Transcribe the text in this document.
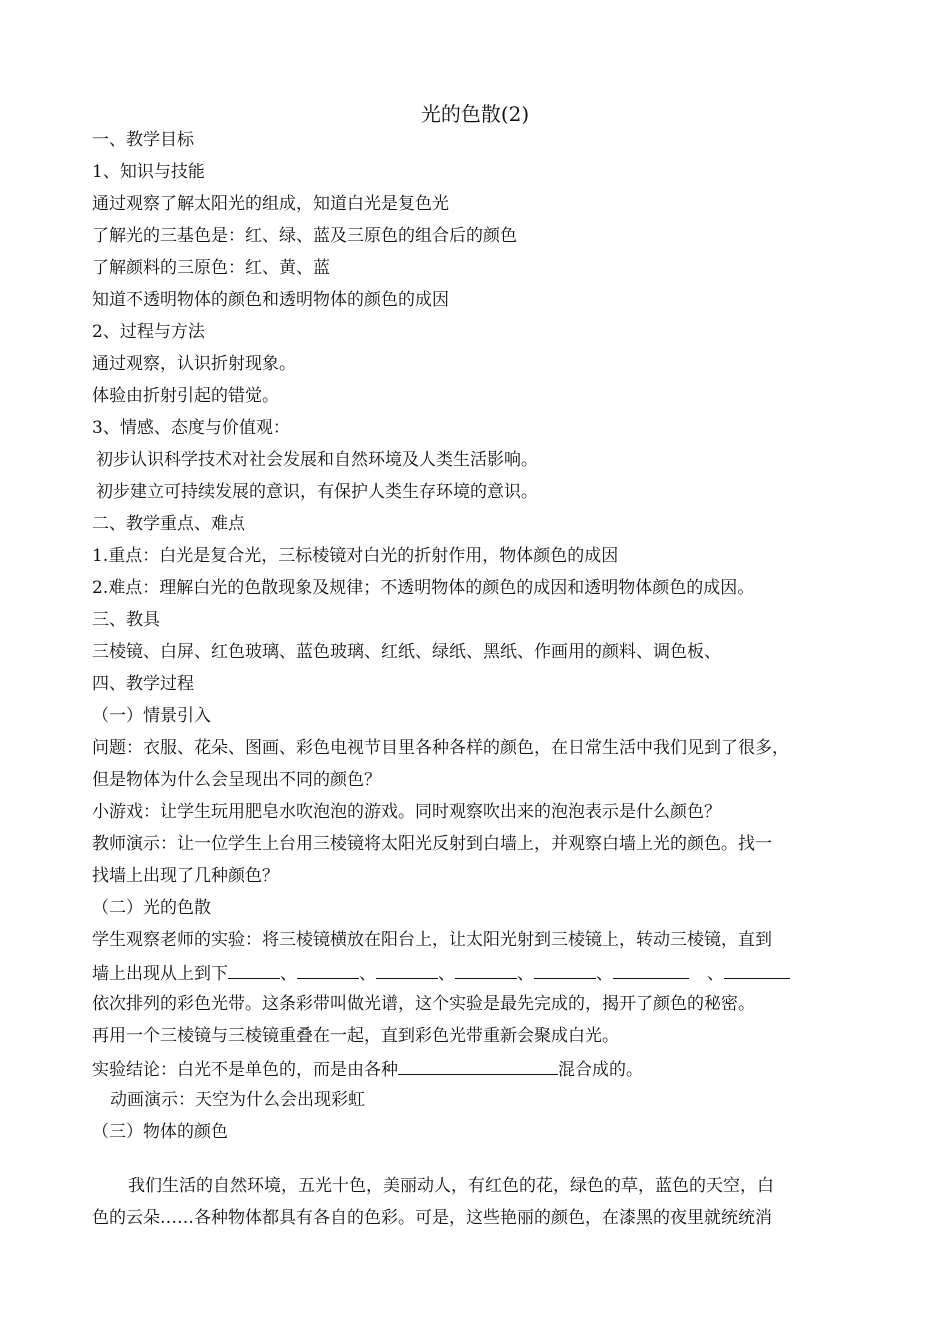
光的色散(2)
一、教学目标
1、知识与技能
通过观察了解太阳光的组成，知道白光是复色光
了解光的三基色是：红、绿、蓝及三原色的组合后的颜色
了解颜料的三原色：红、黄、蓝
知道不透明物体的颜色和透明物体的颜色的成因
2、过程与方法
通过观察，认识折射现象。
体验由折射引起的错觉。
3、情感、态度与价值观：
初步认识科学技术对社会发展和自然环境及人类生活影响。
初步建立可持续发展的意识，有保护人类生存环境的意识。
二、教学重点、难点
1.重点：白光是复合光，三标棱镜对白光的折射作用，物体颜色的成因
2.难点：理解白光的色散现象及规律；不透明物体的颜色的成因和透明物体颜色的成因。
三、教具
三棱镜、白屏、红色玻璃、蓝色玻璃、红纸、绿纸、黑纸、作画用的颜料、调色板、
四、教学过程
（一）情景引入
问题：衣服、花朵、图画、彩色电视节目里各种各样的颜色，在日常生活中我们见到了很多，
但是物体为什么会呈现出不同的颜色？
小游戏：让学生玩用肥皂水吹泡泡的游戏。同时观察吹出来的泡泡表示是什么颜色？
教师演示：让一位学生上台用三棱镜将太阳光反射到白墙上，并观察白墙上光的颜色。找一
找墙上出现了几种颜色？
（二）光的色散
学生观察老师的实验：将三棱镜横放在阳台上，让太阳光射到三棱镜上，转动三棱镜，直到
墙上出现从上到下	、	、	、	、	、	、
依次排列的彩色光带。这条彩带叫做光谱，这个实验是最先完成的，揭开了颜色的秘密。
再用一个三棱镜与三棱镜重叠在一起，直到彩色光带重新会聚成白光。
实验结论：白光不是单色的，而是由各种	混合成的。
动画演示：天空为什么会出现彩虹
（三）物体的颜色
我们生活的自然环境，五光十色，美丽动人，有红色的花，绿色的草，蓝色的天空，白
色的云朵……各种物体都具有各自的色彩。可是，这些艳丽的颜色，在漆黑的夜里就统统消
